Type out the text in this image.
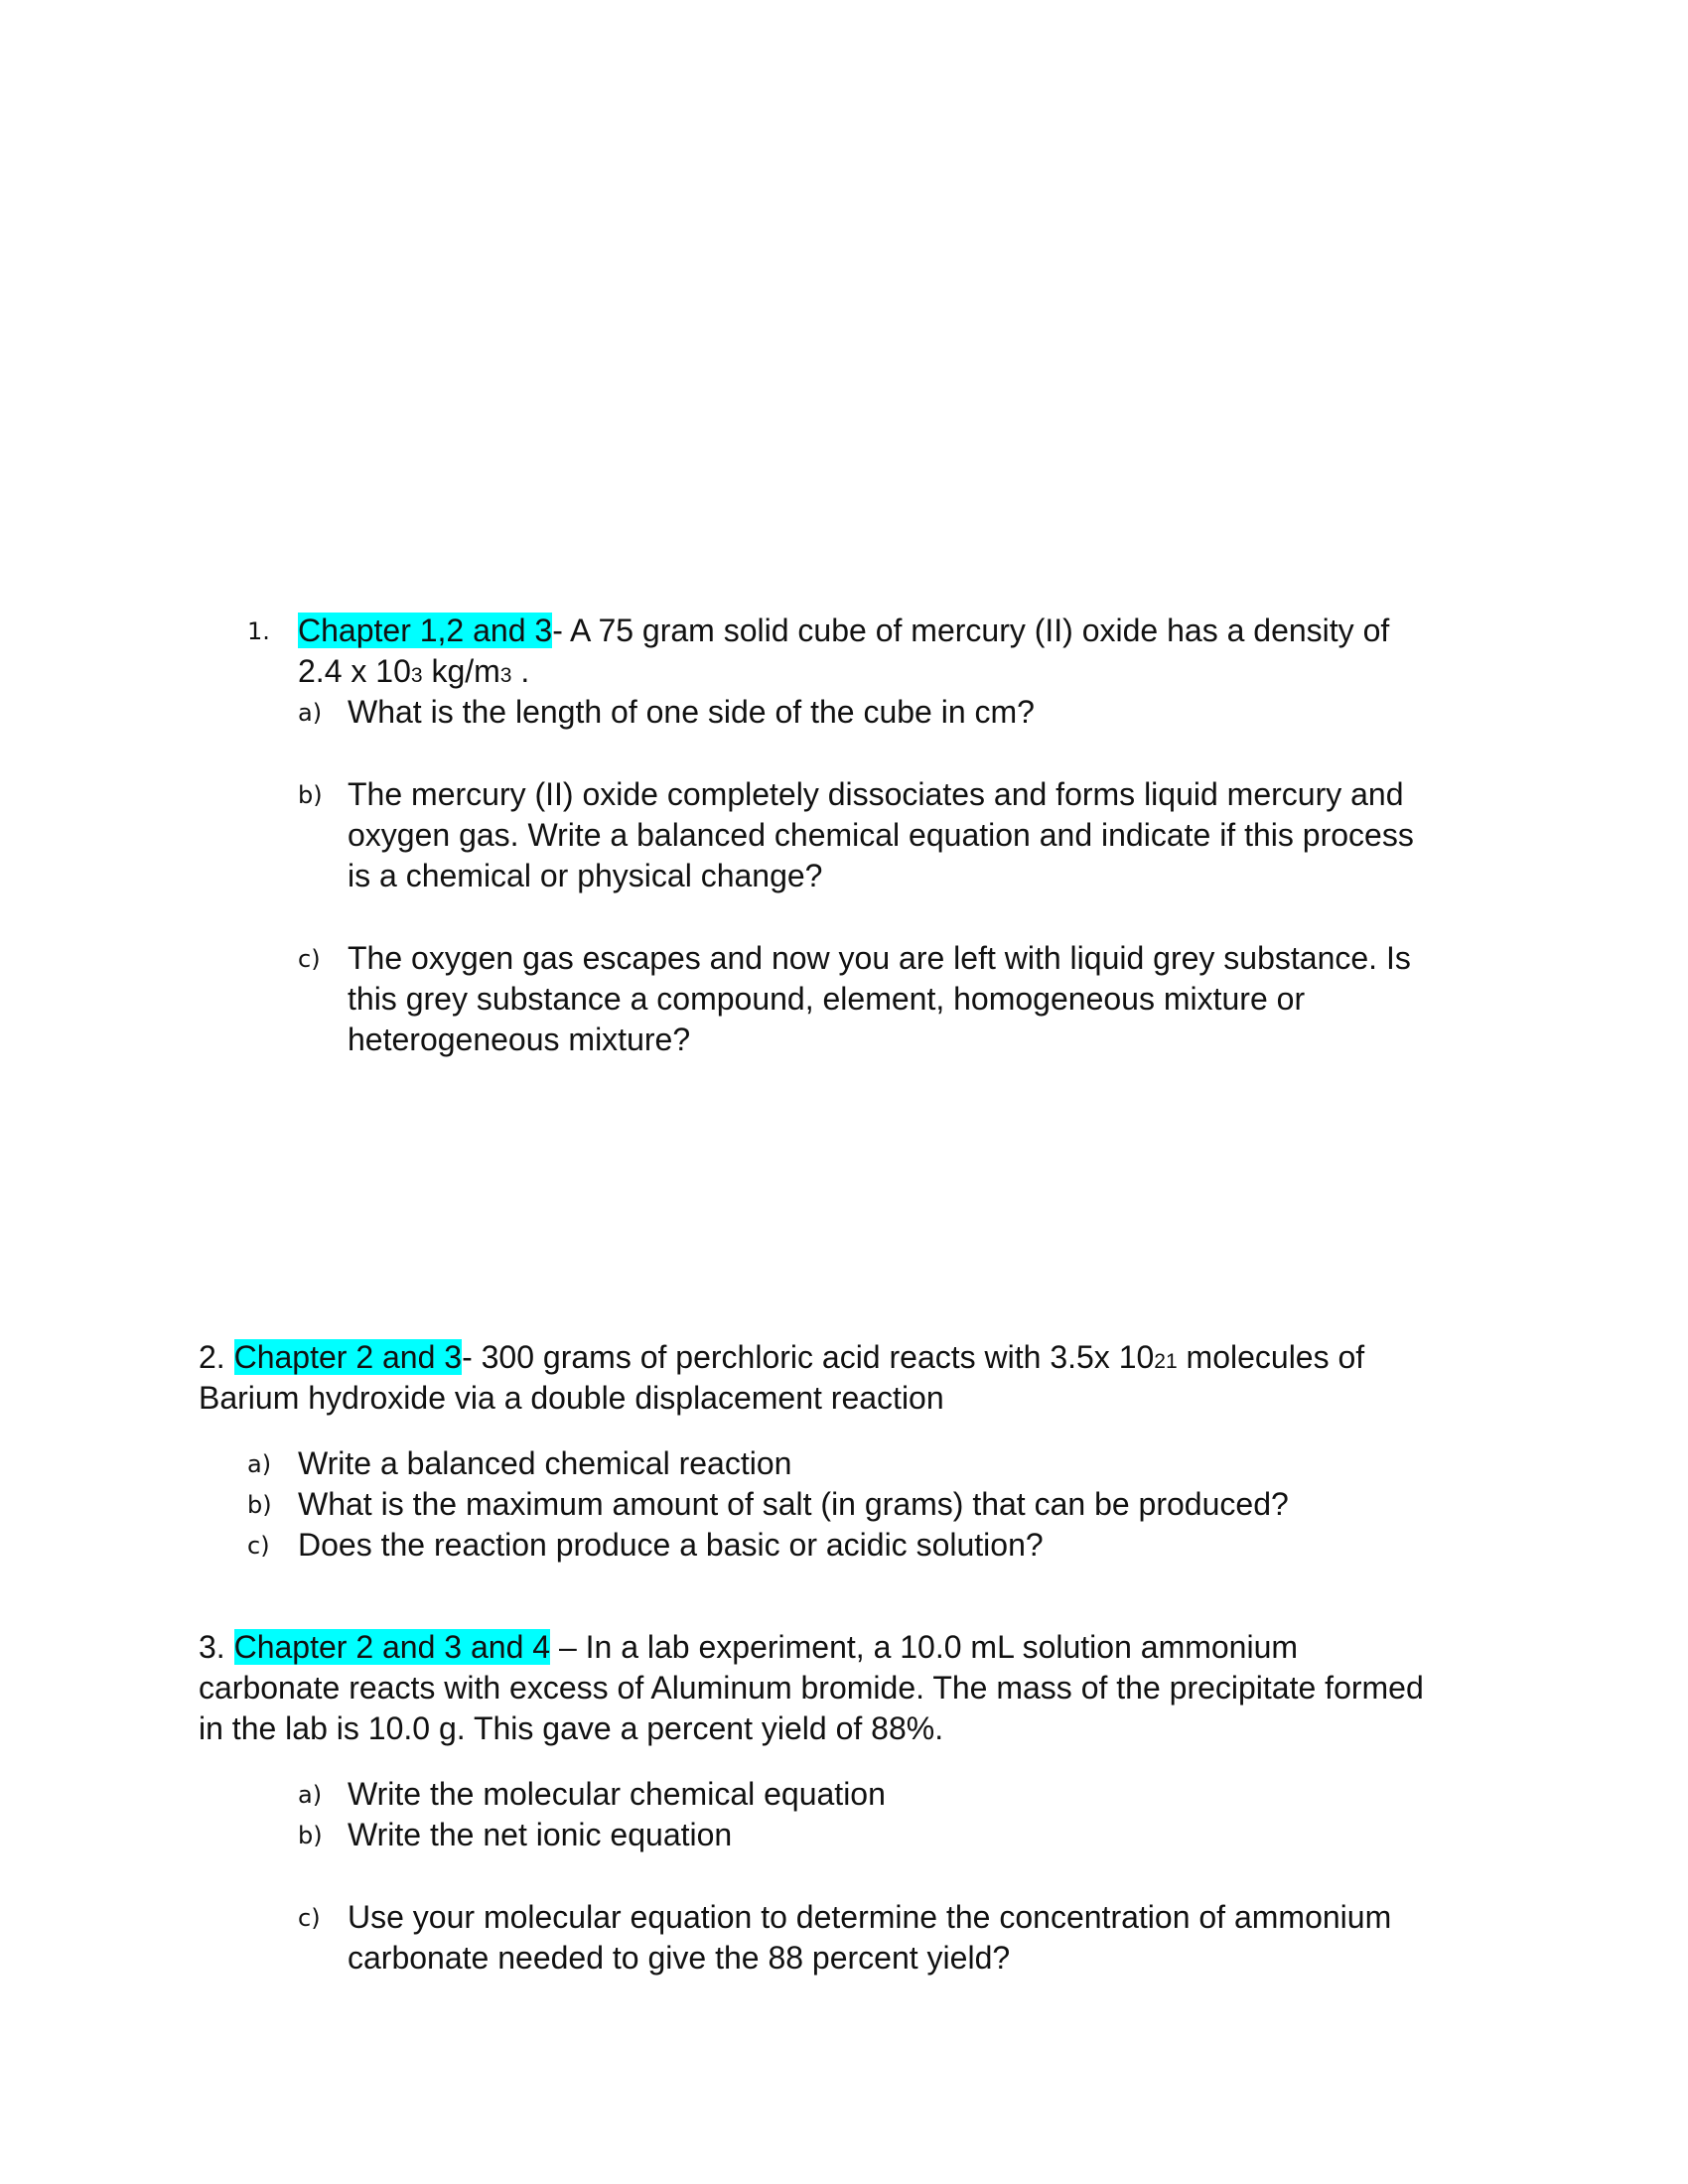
1. Chapter 1,2 and 3- A 75 gram solid cube of mercury (II) oxide has a density of
2.4 x 103 kg/m3 .
a) What is the length of one side of the cube in cm?
b) The mercury (II) oxide completely dissociates and forms liquid mercury and
oxygen gas. Write a balanced chemical equation and indicate if this process
is a chemical or physical change?
c) The oxygen gas escapes and now you are left with liquid grey substance. Is
this grey substance a compound, element, homogeneous mixture or
heterogeneous mixture?
2. Chapter 2 and 3- 300 grams of perchloric acid reacts with 3.5x 1021 molecules of
Barium hydroxide via a double displacement reaction
a) Write a balanced chemical reaction
b) What is the maximum amount of salt (in grams) that can be produced?
c) Does the reaction produce a basic or acidic solution?
3. Chapter 2 and 3 and 4 – In a lab experiment, a 10.0 mL solution ammonium
carbonate reacts with excess of Aluminum bromide. The mass of the precipitate formed
in the lab is 10.0 g. This gave a percent yield of 88%.
a) Write the molecular chemical equation
b) Write the net ionic equation
c) Use your molecular equation to determine the concentration of ammonium
carbonate needed to give the 88 percent yield?
